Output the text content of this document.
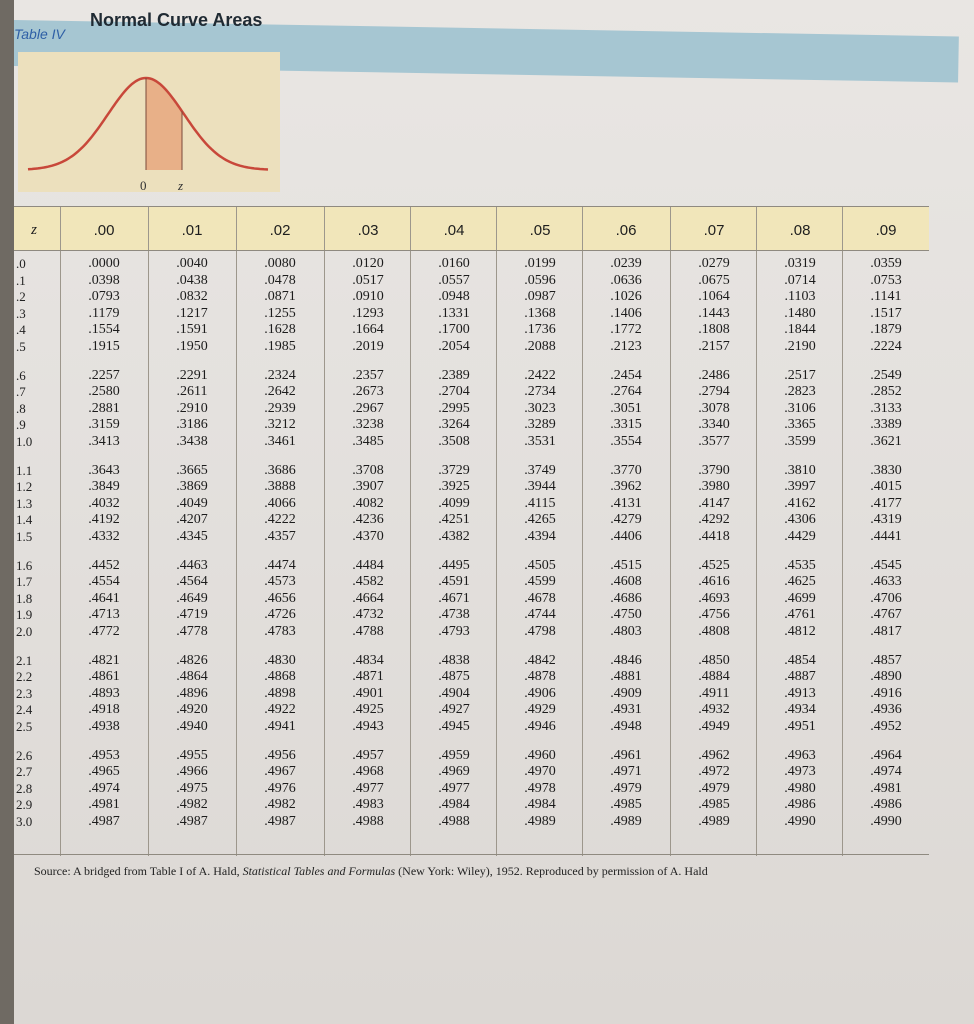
Table IV
Normal Curve Areas
0 z
z	.00	.01	.02	.03	.04	.05	.06	.07	.08	.09
.0	.0000	.0040	.0080	.0120	.0160	.0199	.0239	.0279	.0319	.0359
.1	.0398	.0438	.0478	.0517	.0557	.0596	.0636	.0675	.0714	.0753
.2	.0793	.0832	.0871	.0910	.0948	.0987	.1026	.1064	.1103	.1141
.3	.1179	.1217	.1255	.1293	.1331	.1368	.1406	.1443	.1480	.1517
.4	.1554	.1591	.1628	.1664	.1700	.1736	.1772	.1808	.1844	.1879
.5	.1915	.1950	.1985	.2019	.2054	.2088	.2123	.2157	.2190	.2224
.6	.2257	.2291	.2324	.2357	.2389	.2422	.2454	.2486	.2517	.2549
.7	.2580	.2611	.2642	.2673	.2704	.2734	.2764	.2794	.2823	.2852
.8	.2881	.2910	.2939	.2967	.2995	.3023	.3051	.3078	.3106	.3133
.9	.3159	.3186	.3212	.3238	.3264	.3289	.3315	.3340	.3365	.3389
1.0	.3413	.3438	.3461	.3485	.3508	.3531	.3554	.3577	.3599	.3621
1.1	.3643	.3665	.3686	.3708	.3729	.3749	.3770	.3790	.3810	.3830
1.2	.3849	.3869	.3888	.3907	.3925	.3944	.3962	.3980	.3997	.4015
1.3	.4032	.4049	.4066	.4082	.4099	.4115	.4131	.4147	.4162	.4177
1.4	.4192	.4207	.4222	.4236	.4251	.4265	.4279	.4292	.4306	.4319
1.5	.4332	.4345	.4357	.4370	.4382	.4394	.4406	.4418	.4429	.4441
1.6	.4452	.4463	.4474	.4484	.4495	.4505	.4515	.4525	.4535	.4545
1.7	.4554	.4564	.4573	.4582	.4591	.4599	.4608	.4616	.4625	.4633
1.8	.4641	.4649	.4656	.4664	.4671	.4678	.4686	.4693	.4699	.4706
1.9	.4713	.4719	.4726	.4732	.4738	.4744	.4750	.4756	.4761	.4767
2.0	.4772	.4778	.4783	.4788	.4793	.4798	.4803	.4808	.4812	.4817
2.1	.4821	.4826	.4830	.4834	.4838	.4842	.4846	.4850	.4854	.4857
2.2	.4861	.4864	.4868	.4871	.4875	.4878	.4881	.4884	.4887	.4890
2.3	.4893	.4896	.4898	.4901	.4904	.4906	.4909	.4911	.4913	.4916
2.4	.4918	.4920	.4922	.4925	.4927	.4929	.4931	.4932	.4934	.4936
2.5	.4938	.4940	.4941	.4943	.4945	.4946	.4948	.4949	.4951	.4952
2.6	.4953	.4955	.4956	.4957	.4959	.4960	.4961	.4962	.4963	.4964
2.7	.4965	.4966	.4967	.4968	.4969	.4970	.4971	.4972	.4973	.4974
2.8	.4974	.4975	.4976	.4977	.4977	.4978	.4979	.4979	.4980	.4981
2.9	.4981	.4982	.4982	.4983	.4984	.4984	.4985	.4985	.4986	.4986
3.0	.4987	.4987	.4987	.4988	.4988	.4989	.4989	.4989	.4990	.4990
Source: A bridged from Table I of A. Hald, Statistical Tables and Formulas (New York: Wiley), 1952. Reproduced by permission of A. Hald
